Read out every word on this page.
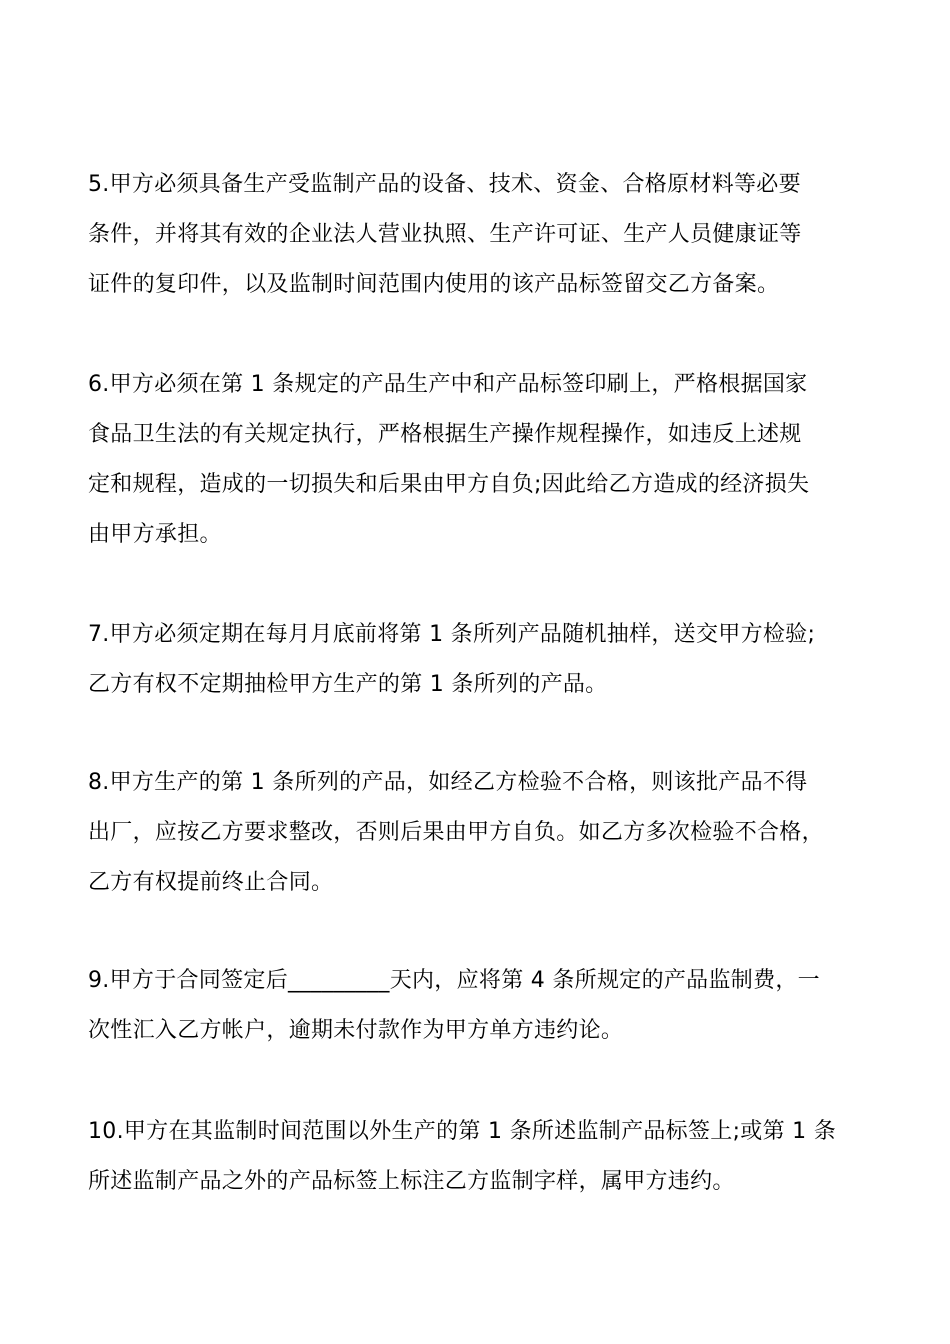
5.甲方必须具备生产受监制产品的设备、技术、资金、合格原材料等必要
条件，并将其有效的企业法人营业执照、生产许可证、生产人员健康证等
证件的复印件，以及监制时间范围内使用的该产品标签留交乙方备案。

6.甲方必须在第 1 条规定的产品生产中和产品标签印刷上，严格根据国家
食品卫生法的有关规定执行，严格根据生产操作规程操作，如违反上述规
定和规程，造成的一切损失和后果由甲方自负;因此给乙方造成的经济损失
由甲方承担。

7.甲方必须定期在每月月底前将第 1 条所列产品随机抽样，送交甲方检验;
乙方有权不定期抽检甲方生产的第 1 条所列的产品。

8.甲方生产的第 1 条所列的产品，如经乙方检验不合格，则该批产品不得
出厂，应按乙方要求整改，否则后果由甲方自负。如乙方多次检验不合格，
乙方有权提前终止合同。

9.甲方于合同签定后_________天内，应将第 4 条所规定的产品监制费，一
次性汇入乙方帐户，逾期未付款作为甲方单方违约论。

10.甲方在其监制时间范围以外生产的第 1 条所述监制产品标签上;或第 1 条
所述监制产品之外的产品标签上标注乙方监制字样，属甲方违约。
